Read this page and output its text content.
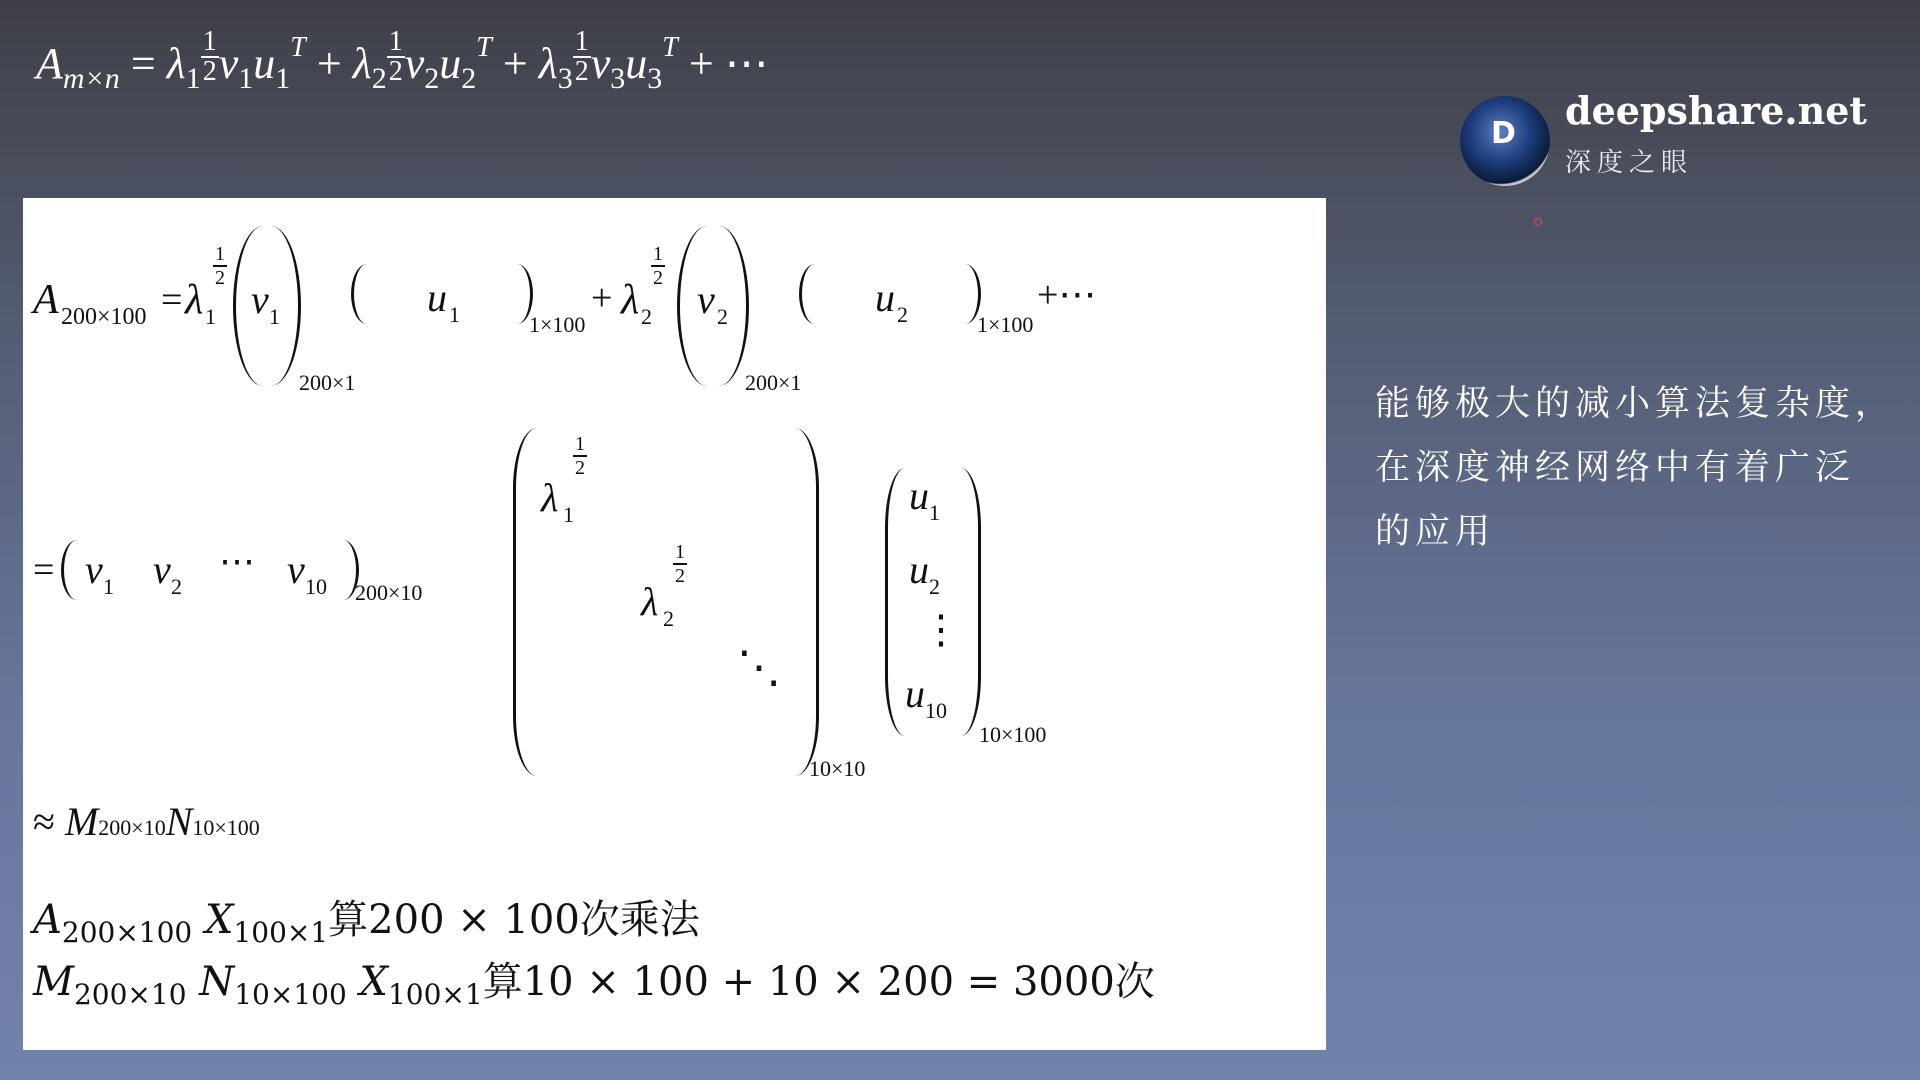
$A_{m\times n} = \lambda_1 \frac{1}{2} v_1u_1^T + \lambda_2 \frac{1}{2} v_2u_2^T + \lambda_3 \frac{1}{2} v_3u_3^T$ + ⋯
D
deepshare.net
深度之眼
A 200×100 = λ 1
$\frac{1}{2}$
v 1
200×1
u 1	1×100
+ λ 2
$\frac{1}{2}$
v 2
200×1
u 2	1×100
+⋯
= v 1 v 2
⋯ v 10 200×10
λ 1
$\frac{1}{2}$
λ 2
$\frac{1}{2}$
⋱
10×10
u 1
u 2
⋮
u 10
10×100
≈ M200×10N10×100
$A_{200\times 100}$ $X_{100\times 1}$算200 × 100次乘法
$M_{200\times 10}$ $N_{10\times 100}$ $X_{100\times 1}$算10 × 100 + 10 × 200 = 3000次
能够极大的减小算法复杂度，
在深度神经网络中有着广泛
的应用
